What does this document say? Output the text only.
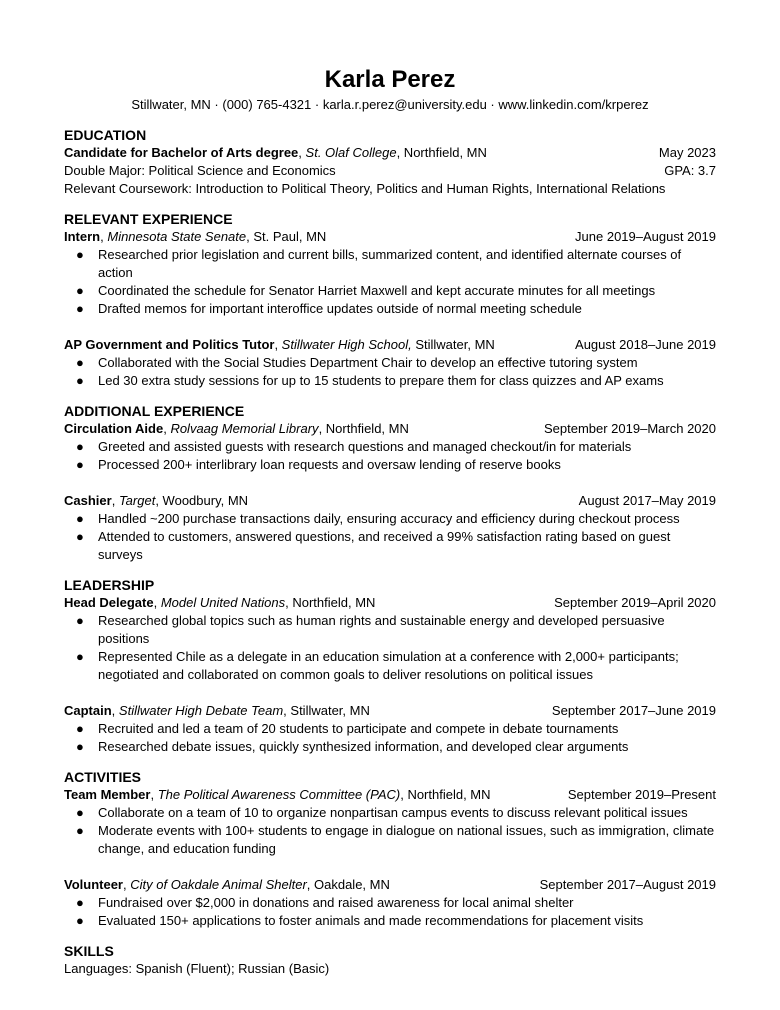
Karla Perez
Stillwater, MN · (000) 765-4321 · karla.r.perez@university.edu · www.linkedin.com/krperez
EDUCATION
Candidate for Bachelor of Arts degree, St. Olaf College, Northfield, MN	May 2023
Double Major: Political Science and Economics	GPA: 3.7
Relevant Coursework: Introduction to Political Theory, Politics and Human Rights, International Relations
RELEVANT EXPERIENCE
Intern, Minnesota State Senate, St. Paul, MN	June 2019–August 2019
● Researched prior legislation and current bills, summarized content, and identified alternate courses of action
● Coordinated the schedule for Senator Harriet Maxwell and kept accurate minutes for all meetings
● Drafted memos for important interoffice updates outside of normal meeting schedule
AP Government and Politics Tutor, Stillwater High School, Stillwater, MN	August 2018–June 2019
● Collaborated with the Social Studies Department Chair to develop an effective tutoring system
● Led 30 extra study sessions for up to 15 students to prepare them for class quizzes and AP exams
ADDITIONAL EXPERIENCE
Circulation Aide, Rolvaag Memorial Library, Northfield, MN	September 2019–March 2020
● Greeted and assisted guests with research questions and managed checkout/in for materials
● Processed 200+ interlibrary loan requests and oversaw lending of reserve books
Cashier, Target, Woodbury, MN	August 2017–May 2019
● Handled ~200 purchase transactions daily, ensuring accuracy and efficiency during checkout process
● Attended to customers, answered questions, and received a 99% satisfaction rating based on guest surveys
LEADERSHIP
Head Delegate, Model United Nations, Northfield, MN	September 2019–April 2020
● Researched global topics such as human rights and sustainable energy and developed persuasive positions
● Represented Chile as a delegate in an education simulation at a conference with 2,000+ participants; negotiated and collaborated on common goals to deliver resolutions on political issues
Captain, Stillwater High Debate Team, Stillwater, MN	September 2017–June 2019
● Recruited and led a team of 20 students to participate and compete in debate tournaments
● Researched debate issues, quickly synthesized information, and developed clear arguments
ACTIVITIES
Team Member, The Political Awareness Committee (PAC), Northfield, MN	September 2019–Present
● Collaborate on a team of 10 to organize nonpartisan campus events to discuss relevant political issues
● Moderate events with 100+ students to engage in dialogue on national issues, such as immigration, climate change, and education funding
Volunteer, City of Oakdale Animal Shelter, Oakdale, MN	September 2017–August 2019
● Fundraised over $2,000 in donations and raised awareness for local animal shelter
● Evaluated 150+ applications to foster animals and made recommendations for placement visits
SKILLS
Languages: Spanish (Fluent); Russian (Basic)
